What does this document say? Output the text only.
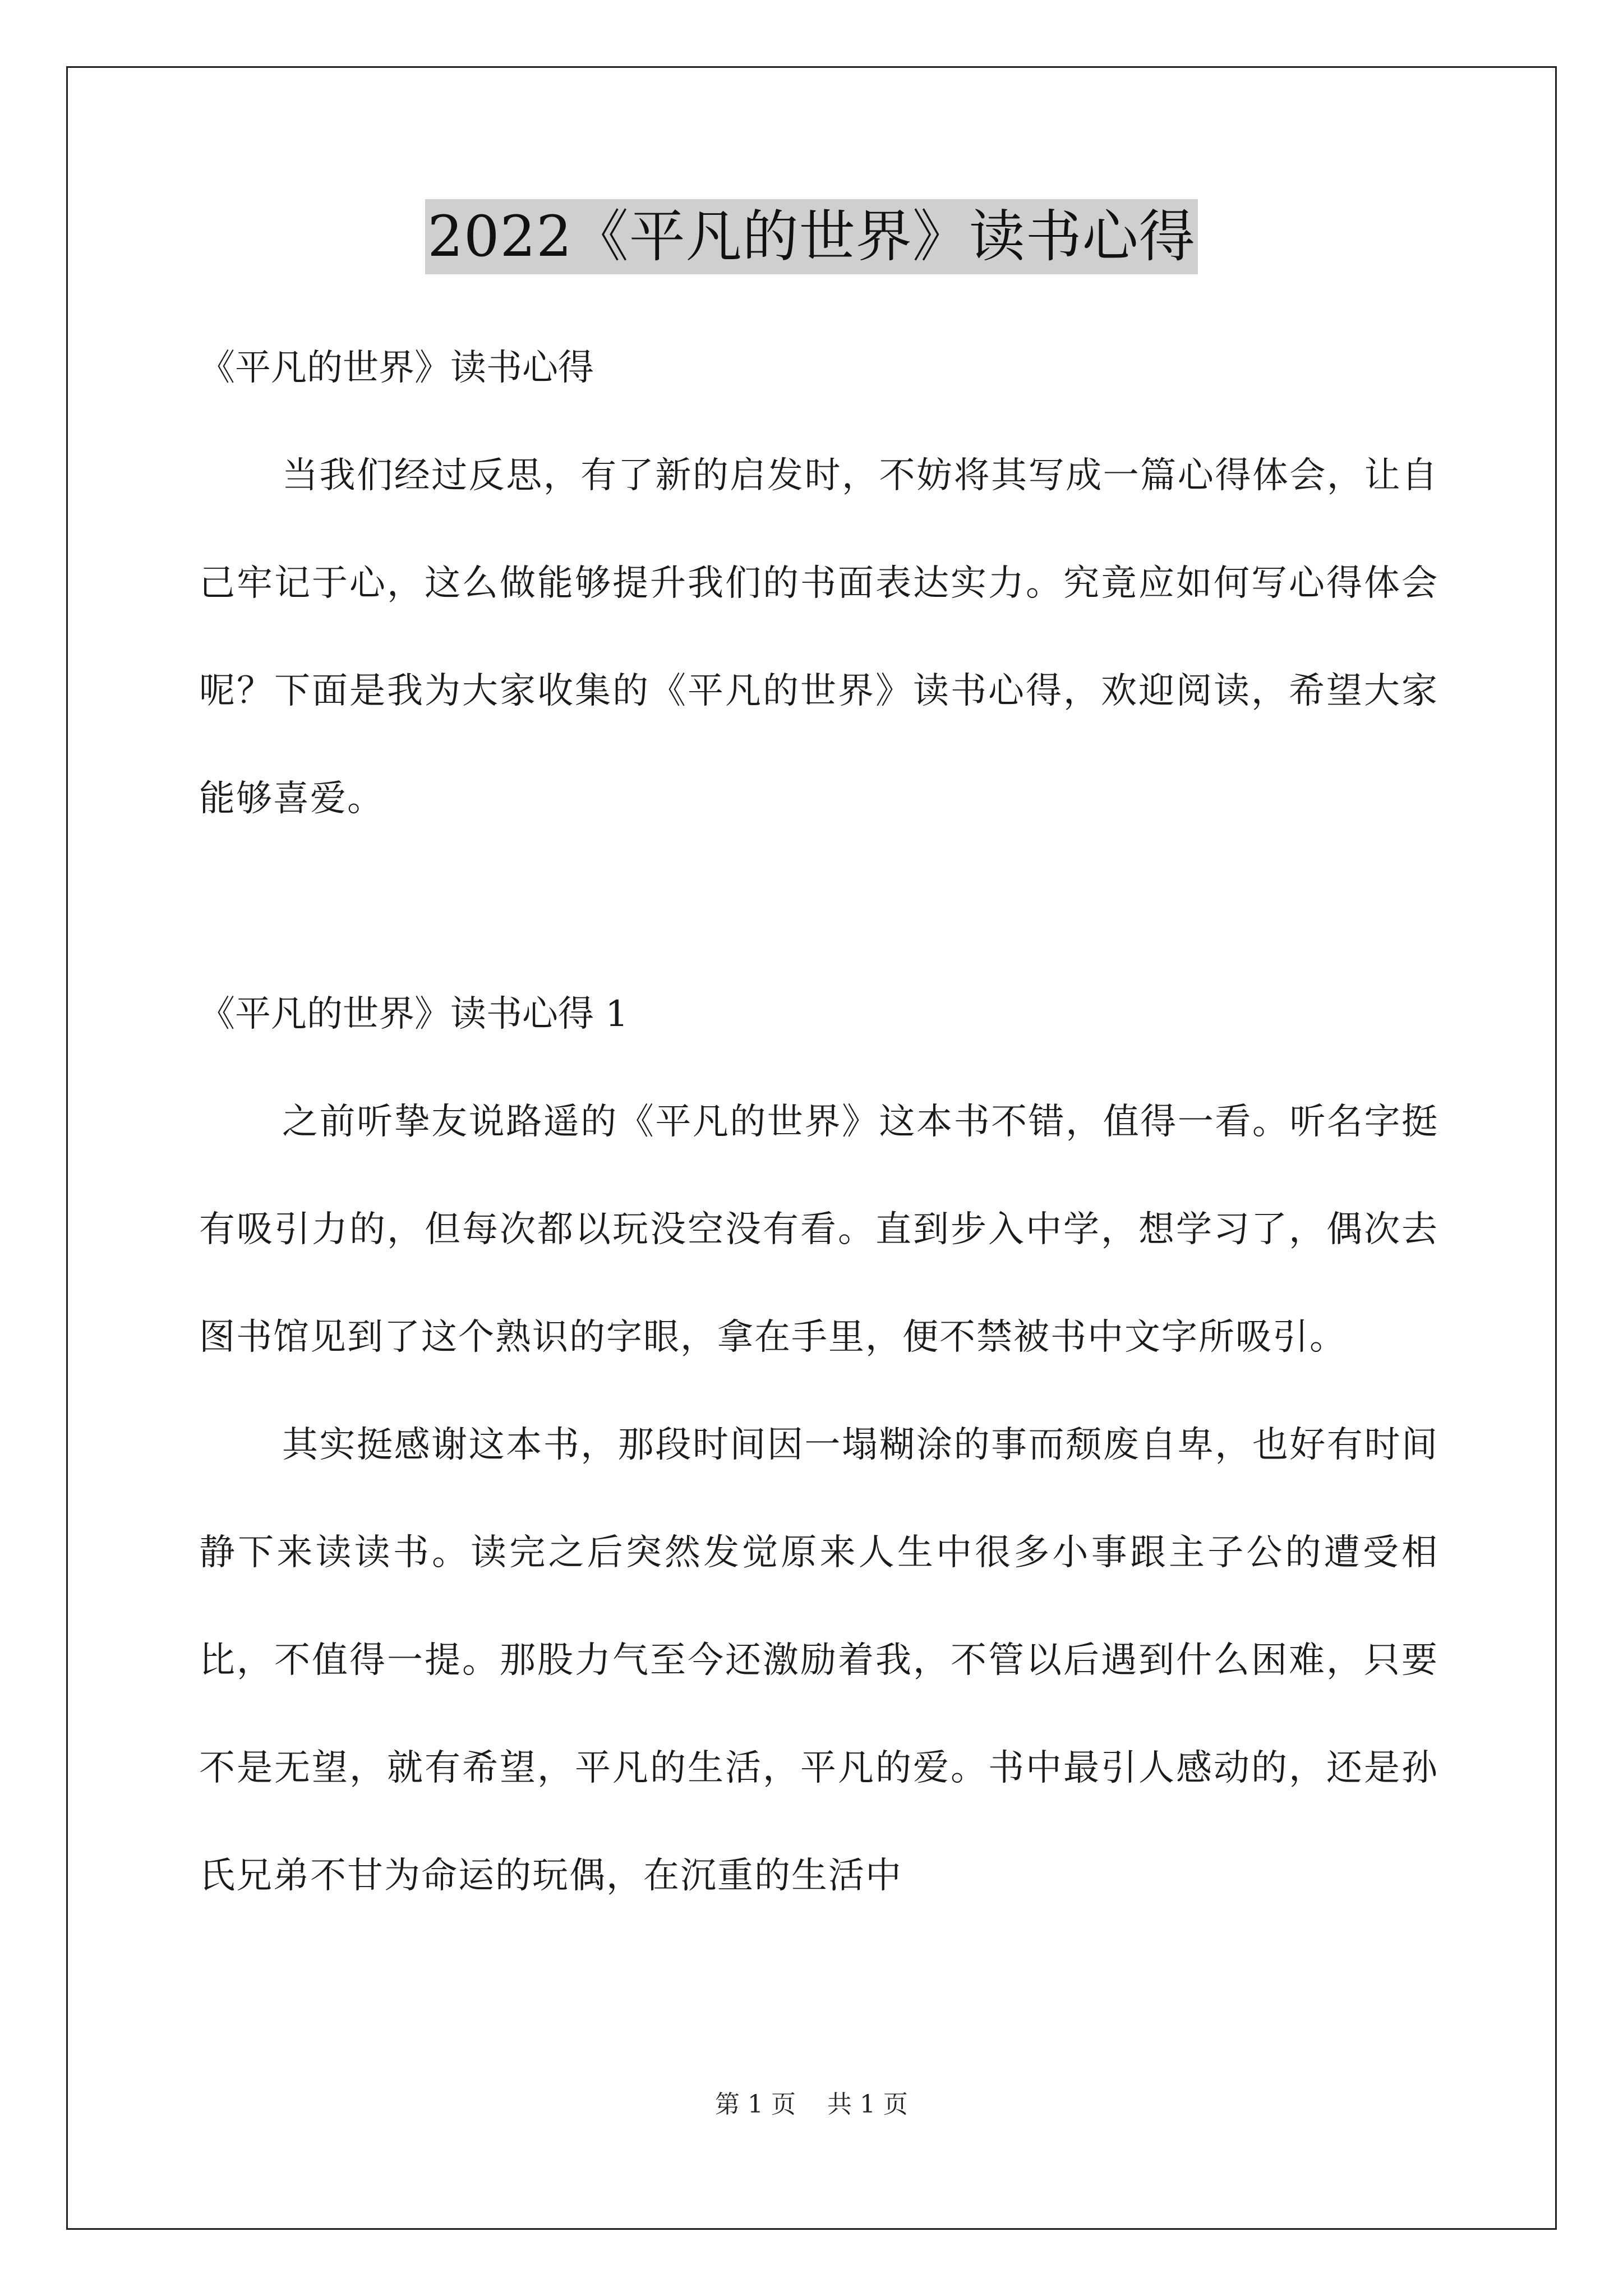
2022《平凡的世界》读书心得

《平凡的世界》读书心得

当我们经过反思，有了新的启发时，不妨将其写成一篇心得体会，让自己牢记于心，这么做能够提升我们的书面表达实力。究竟应如何写心得体会呢？下面是我为大家收集的《平凡的世界》读书心得，欢迎阅读，希望大家能够喜爱。

《平凡的世界》读书心得 1

之前听挚友说路遥的《平凡的世界》这本书不错，值得一看。听名字挺有吸引力的，但每次都以玩没空没有看。直到步入中学，想学习了，偶次去图书馆见到了这个熟识的字眼，拿在手里，便不禁被书中文字所吸引。

其实挺感谢这本书，那段时间因一塌糊涂的事而颓废自卑，也好有时间静下来读读书。读完之后突然发觉原来人生中很多小事跟主子公的遭受相比，不值得一提。那股力气至今还激励着我，不管以后遇到什么困难，只要不是无望，就有希望，平凡的生活，平凡的爱。书中最引人感动的，还是孙氏兄弟不甘为命运的玩偶，在沉重的生活中

第 1 页    共 1 页
